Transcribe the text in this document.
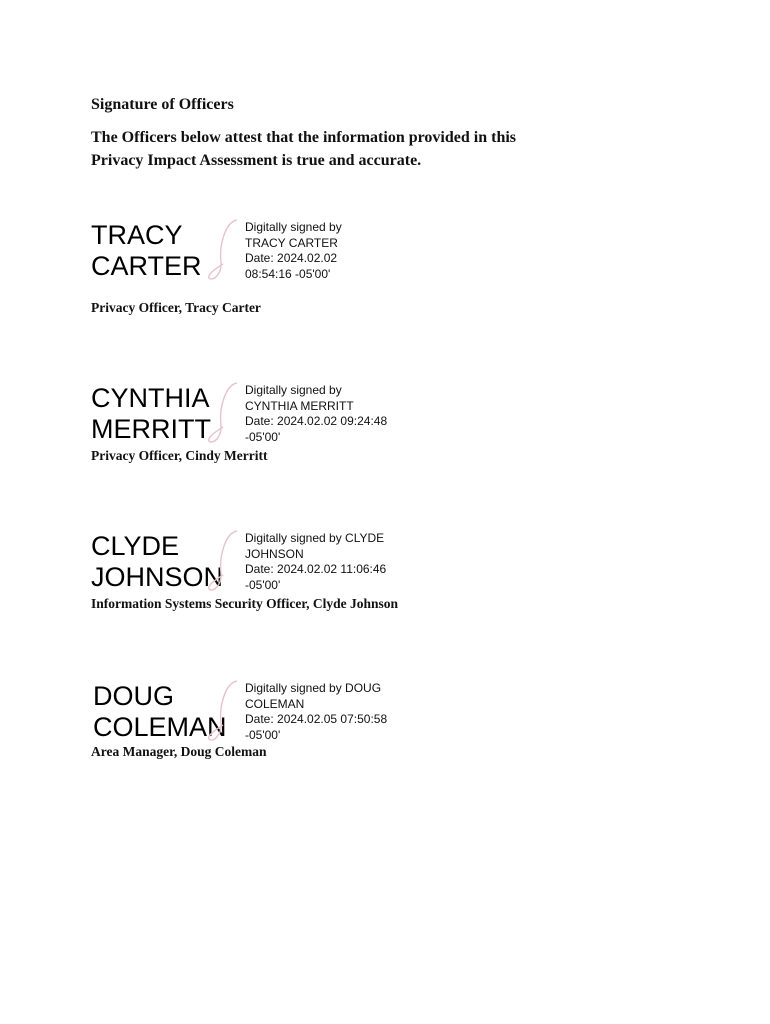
Signature of Officers

The Officers below attest that the information provided in this

Privacy Impact Assessment is true and accurate.

TRACY
CARTER
Digitally signed by
TRACY CARTER
Date: 2024.02.02
08:54:16 -05'00'

Privacy Officer, Tracy Carter

CYNTHIA
MERRITT
Digitally signed by
CYNTHIA MERRITT
Date: 2024.02.02 09:24:48
-05'00'

Privacy Officer, Cindy Merritt

CLYDE
JOHNSON
Digitally signed by CLYDE
JOHNSON
Date: 2024.02.02 11:06:46
-05'00'

Information Systems Security Officer, Clyde Johnson

DOUG
COLEMAN
Digitally signed by DOUG
COLEMAN
Date: 2024.02.05 07:50:58
-05'00'

Area Manager, Doug Coleman
